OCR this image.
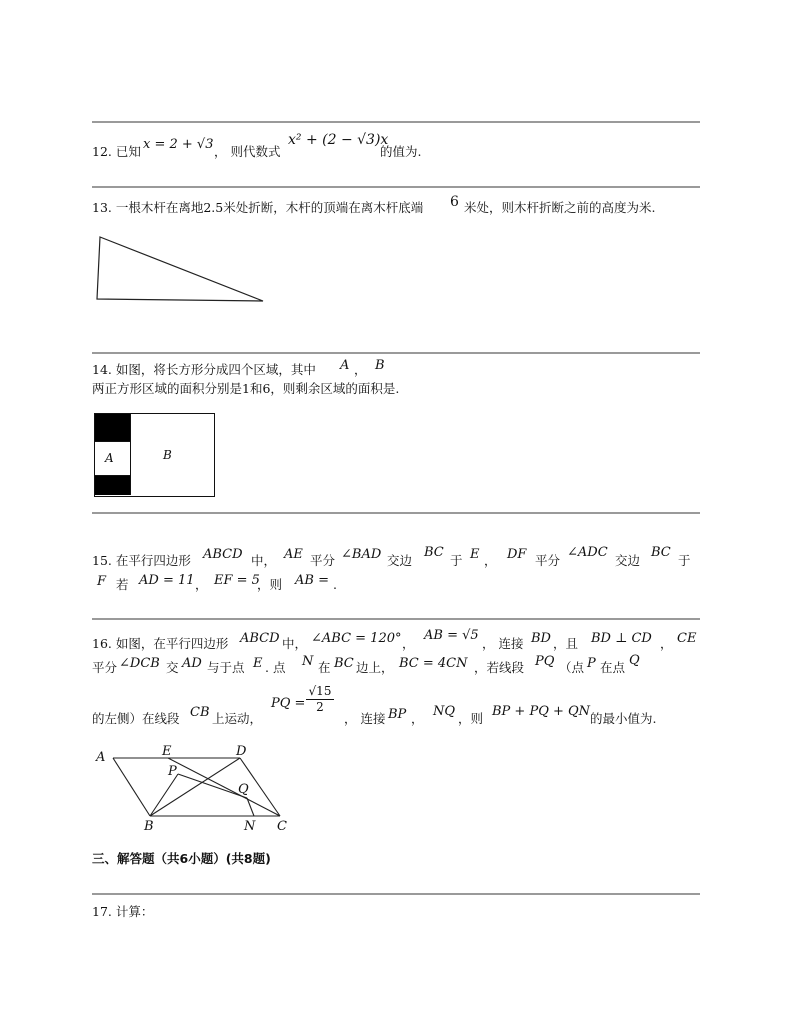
12. 已知 x = 2 + √3 ， 则代数式
x² + (2 − √3)x
的值为.
13. 一根木杆在离地2.5米处折断，木杆的顶端在离木杆底端 6 米处，则木杆折断之前的高度为米.
14. 如图，将长方形分成四个区域，其中 A ， B
两正方形区域的面积分别是1和6，则剩余区域的面积是.
A	B
15. 在平行四边形 ABCD 中， AE 平分 ∠BAD 交边
BC
于 E ， DF 平分
∠ADC
交边
BC
于
F 若 AD = 11 ， EF = 5
，则 AB = .
16. 如图，在平行四边形 ABCD 中， ∠ABC = 120° ，
AB = √5
， 连接 BD ，且 BD ⊥ CD ， CE
平分 ∠DCB 交 AD 与于点 E . 点 N 在 BC 边上， BC = 4CN ，若线段 PQ （点 P 在点 Q
的左侧）在线段 CB 上运动，
PQ = $\frac{√15}{2}$
， 连接 BP ， NQ ，则 BP + PQ + QN 的最小值为.
A	E	D
P
Q
B	N C
三、解答题（共6小题）(共8题)
17. 计算：
